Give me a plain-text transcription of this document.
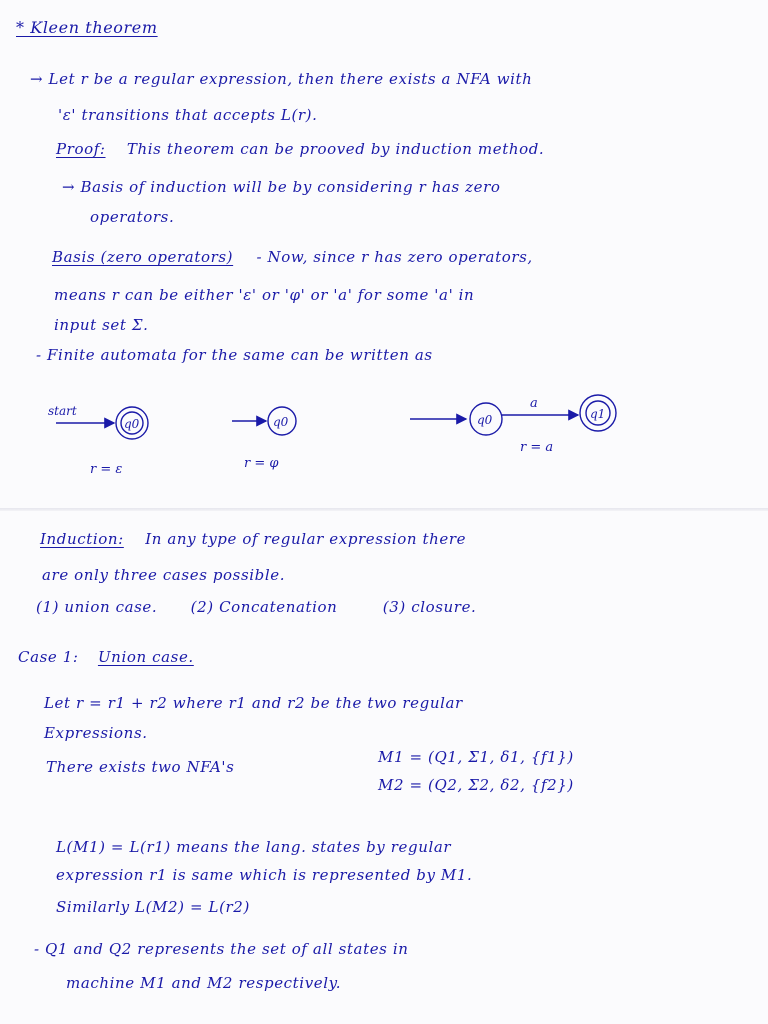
* Kleen theorem
→ Let r be a regular expression, then there exists a NFA with
'ε' transitions that accepts L(r).
Proof: This theorem can be prooved by induction method.
→ Basis of induction will be by considering r has zero
operators.
Basis (zero operators) - Now, since r has zero operators,
means r can be either 'ε' or 'φ' or 'a' for some 'a' in
input set Σ.
- Finite automata for the same can be written as
start
q0
r = ε
q0
r = φ
q0
a
q1
r = a
Induction: In any type of regular expression there
are only three cases possible.
(1) union case. (2) Concatenation	(3) closure.
Case 1: Union case.
Let r = r1 + r2 where r1 and r2 be the two regular
Expressions.
There exists two NFA's
M1 = (Q1, Σ1, δ1, {f1})
M2 = (Q2, Σ2, δ2, {f2})
L(M1) = L(r1) means the lang. states by regular
expression r1 is same which is represented by M1.
Similarly L(M2) = L(r2)
- Q1 and Q2 represents the set of all states in
machine M1 and M2 respectively.
